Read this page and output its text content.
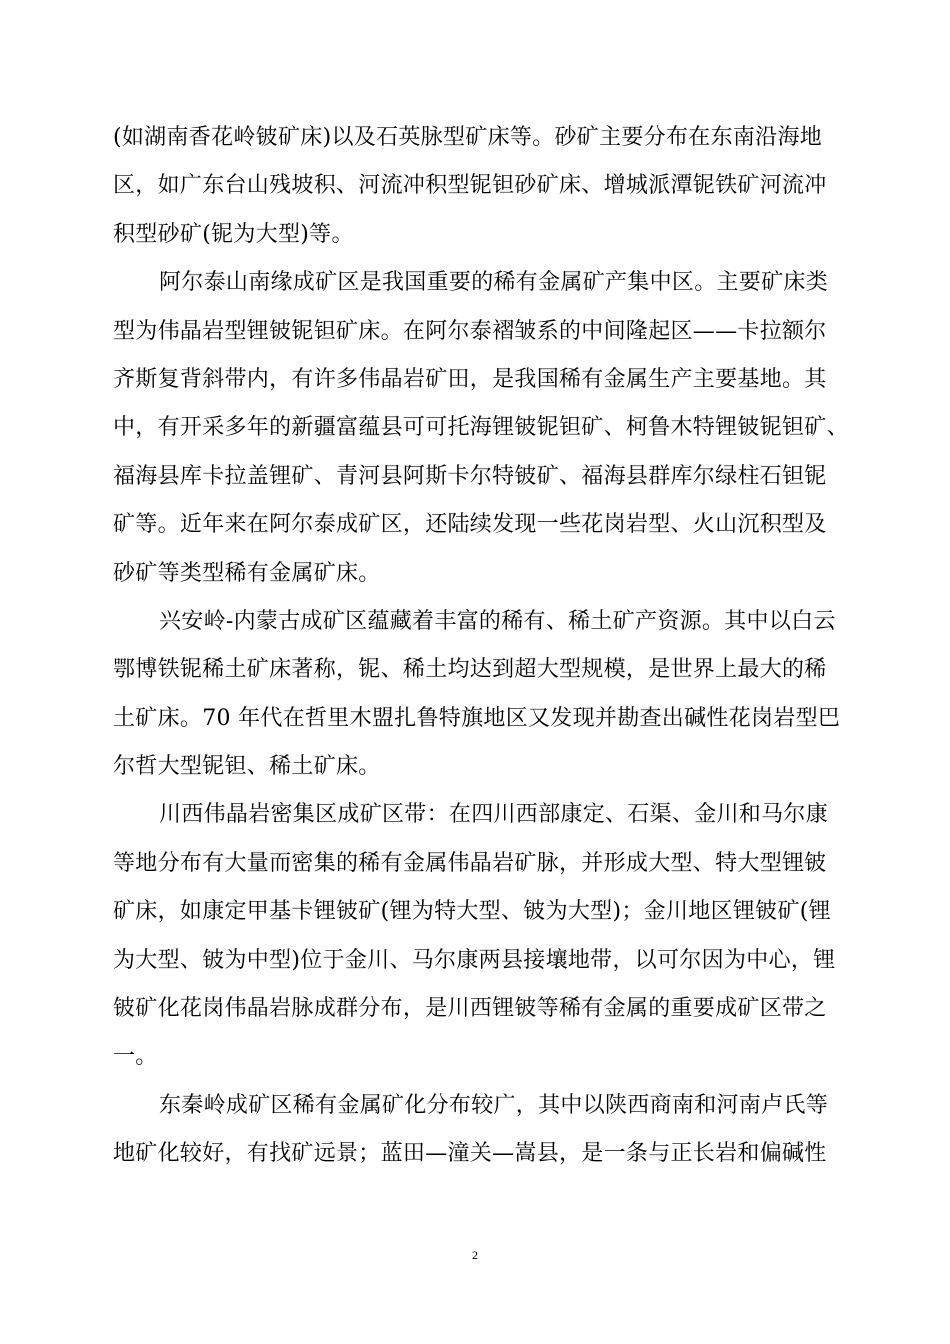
(如湖南香花岭铍矿床)以及石英脉型矿床等。砂矿主要分布在东南沿海地
区，如广东台山残坡积、河流冲积型铌钽砂矿床、增城派潭铌铁矿河流冲
积型砂矿(铌为大型)等。
阿尔泰山南缘成矿区是我国重要的稀有金属矿产集中区。主要矿床类
型为伟晶岩型锂铍铌钽矿床。在阿尔泰褶皱系的中间隆起区——卡拉额尔
齐斯复背斜带内，有许多伟晶岩矿田，是我国稀有金属生产主要基地。其
中，有开采多年的新疆富蕴县可可托海锂铍铌钽矿、柯鲁木特锂铍铌钽矿、
福海县库卡拉盖锂矿、青河县阿斯卡尔特铍矿、福海县群库尔绿柱石钽铌
矿等。近年来在阿尔泰成矿区，还陆续发现一些花岗岩型、火山沉积型及
砂矿等类型稀有金属矿床。
兴安岭-内蒙古成矿区蕴藏着丰富的稀有、稀土矿产资源。其中以白云
鄂博铁铌稀土矿床著称，铌、稀土均达到超大型规模，是世界上最大的稀
土矿床。70 年代在哲里木盟扎鲁特旗地区又发现并勘查出碱性花岗岩型巴
尔哲大型铌钽、稀土矿床。
川西伟晶岩密集区成矿区带：在四川西部康定、石渠、金川和马尔康
等地分布有大量而密集的稀有金属伟晶岩矿脉，并形成大型、特大型锂铍
矿床，如康定甲基卡锂铍矿(锂为特大型、铍为大型)；金川地区锂铍矿(锂
为大型、铍为中型)位于金川、马尔康两县接壤地带，以可尔因为中心，锂
铍矿化花岗伟晶岩脉成群分布，是川西锂铍等稀有金属的重要成矿区带之
一。
东秦岭成矿区稀有金属矿化分布较广，其中以陕西商南和河南卢氏等
地矿化较好，有找矿远景；蓝田—潼关—嵩县，是一条与正长岩和偏碱性
2
